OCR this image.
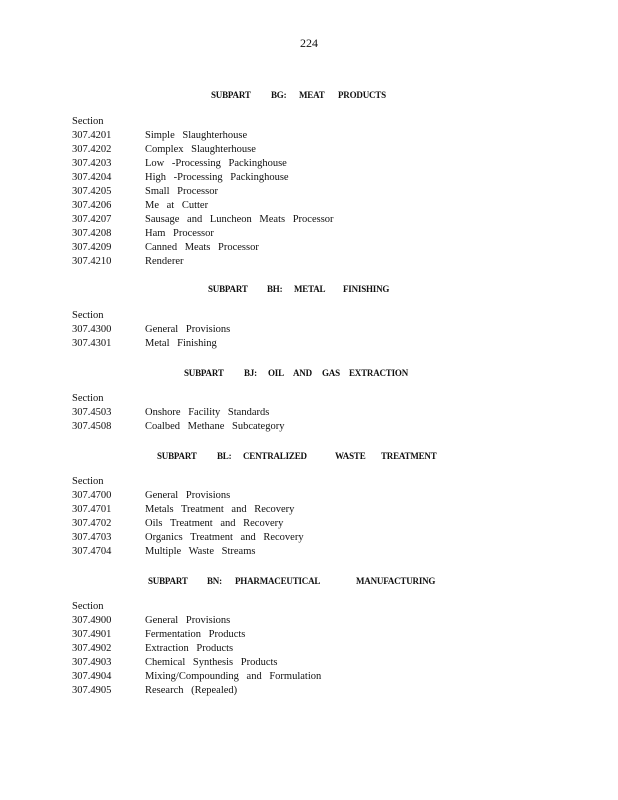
224
SUBPART BG: MEAT PRODUCTS
Section
307.4201	Simple Slaughterhouse
307.4202	Complex Slaughterhouse
307.4203	Low -Processing Packinghouse
307.4204	High -Processing Packinghouse
307.4205	Small Processor
307.4206	Me at Cutter
307.4207	Sausage and Luncheon Meats Processor
307.4208	Ham Processor
307.4209	Canned Meats Processor
307.4210	Renderer
SUBPART BH: METAL FINISHING
Section
307.4300	General Provisions
307.4301	Metal Finishing
SUBPART BJ: OIL AND GAS EXTRACTION
Section
307.4503	Onshore Facility Standards
307.4508	Coalbed Methane Subcategory
SUBPART BL: CENTRALIZED	WASTE TREATMENT
Section
307.4700	General Provisions
307.4701	Metals Treatment and Recovery
307.4702	Oils Treatment and Recovery
307.4703	Organics Treatment and Recovery
307.4704	Multiple Waste Streams
SUBPART BN: PHARMACEUTICAL	MANUFACTURING
Section
307.4900	General Provisions
307.4901	Fermentation Products
307.4902	Extraction Products
307.4903	Chemical Synthesis Products
307.4904	Mixing/Compounding and Formulation
307.4905	Research (Repealed)
